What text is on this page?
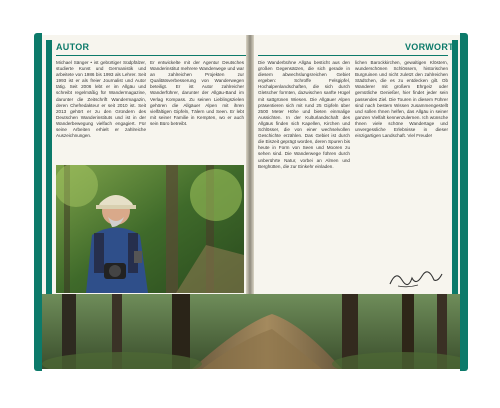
AUTOR	VORWORT
Michael Sänger • ist gebürtiger Südpfälzer, studierte Kunst und Germanistik und arbeitete von 1986 bis 1993 als Lehrer. Seit 1993 ist er als freier Journalist und Autor tätig. Seit 2006 lebt er im Allgäu und schreibt regelmäßig für Wandermagazine, darunter die Zeitschrift Wandermagazin, deren Chefredakteur er seit 2010 ist. Seit 2013 gehört er zu den Gründern des Deutschen Wanderinstituts und ist in der Wanderbewegung vielfach engagiert. Für seine Arbeiten erhielt er zahlreiche Auszeichnungen.
Er entwickelte mit der Agentur Deutsches Wanderinstitut mehrere Wanderwege und war an zahlreichen Projekten zur Qualitätsverbesserung von Wanderwegen beteiligt. Er ist Autor zahlreicher Wanderführer, darunter der Allgäu-Band im Verlag Kompass. Zu seinen Lieblingszielen gehören die Allgäuer Alpen mit ihren vielfältigen Gipfeln, Tälern und Seen. Er lebt mit seiner Familie in Kempten, wo er auch sein Büro betreibt.
Die Wanderbühne Allgäu besticht aus den großen Gegensätzen, die sich gerade in diesem abwechslungsreichen Gebiet ergeben: Schroffe Felsgipfel, Hochalpenlandschaften, die sich durch Gletscher formten, dazwischen sanfte Hügel mit sattgrünen Wiesen. Die Allgäuer Alpen präsentieren sich mit rund 25 Gipfeln über 2500 Meter Höhe und bieten einmalige Aussichten. In der Kulturlandschaft des Allgäus finden sich Kapellen, Kirchen und Schlösser, die von einer wechselvollen Geschichte erzählen. Das Gebiet ist durch die Eiszeit geprägt worden, deren Spuren bis heute in Form von Seen und Mooren zu sehen sind. Die Wanderwege führen durch unberührte Natur, vorbei an Almen und Berghütten, die zur Einkehr einladen.
lichen Barockkirchen, gewaltigen Klöstern, wunderschönen Schlössern, historischen Burgruinen und nicht zuletzt den zahlreichen Städtchen, die es zu entdecken gilt. Ob Wanderer mit großem Ehrgeiz oder gemütliche Genießer, hier findet jeder sein passendes Ziel. Die Touren in diesem Führer sind nach bestem Wissen zusammengestellt und sollen Ihnen helfen, das Allgäu in seiner ganzen Vielfalt kennenzulernen. Ich wünsche Ihnen viele schöne Wandertage und unvergessliche Erlebnisse in dieser einzigartigen Landschaft. Viel Freude!
